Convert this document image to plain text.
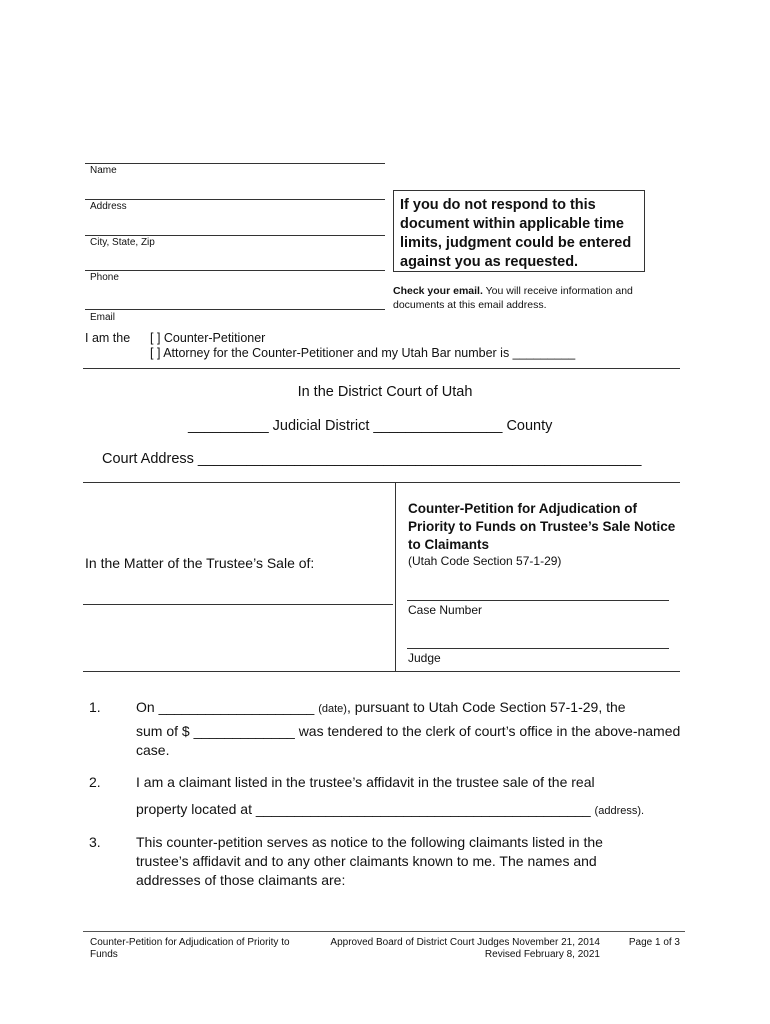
Name
Address
City, State, Zip
Phone
Email
If you do not respond to this document within applicable time limits, judgment could be entered against you as requested.
Check your email. You will receive information and documents at this email address.
I am the [ ] Counter-Petitioner
[ ] Attorney for the Counter-Petitioner and my Utah Bar number is _________
In the District Court of Utah
__________ Judicial District ________________ County
Court Address _______________________________________________________
In the Matter of the Trustee’s Sale of:
Counter-Petition for Adjudication of Priority to Funds on Trustee’s Sale Notice to Claimants
(Utah Code Section 57-1-29)
Case Number
Judge
1.	On ____________________ (date), pursuant to Utah Code Section 57-1-29, the
sum of $ _____________ was tendered to the clerk of court’s office in the above-named case.
2.	I am a claimant listed in the trustee’s affidavit in the trustee sale of the real
property located at ___________________________________________ (address).
3.	This counter-petition serves as notice to the following claimants listed in the trustee’s affidavit and to any other claimants known to me. The names and addresses of those claimants are:
Counter-Petition for Adjudication of Priority to Funds
Approved Board of District Court Judges November 21, 2014
Revised February 8, 2021
Page 1 of 3
